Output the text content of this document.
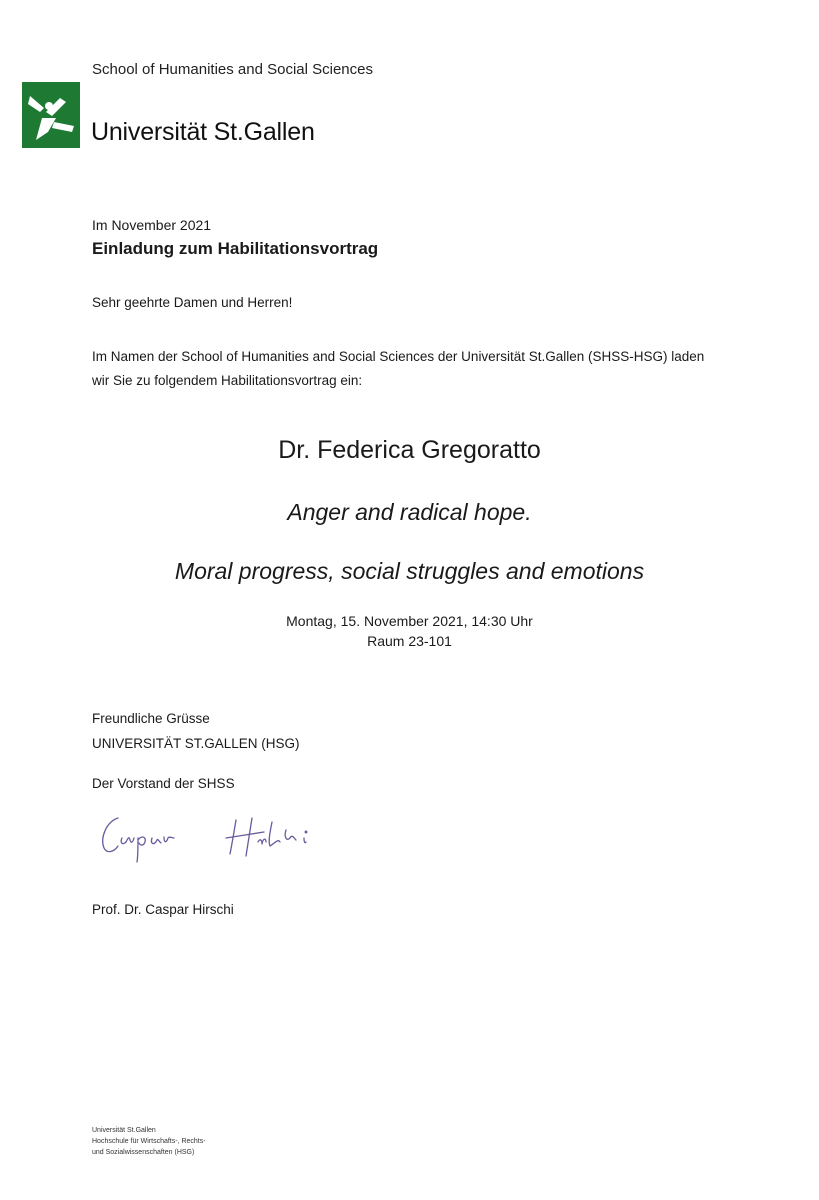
School of Humanities and Social Sciences
Universität St.Gallen
Im November 2021
Einladung zum Habilitationsvortrag
Sehr geehrte Damen und Herren!
Im Namen der School of Humanities and Social Sciences der Universität St.Gallen (SHSS-HSG) laden
wir Sie zu folgendem Habilitationsvortrag ein:
Dr. Federica Gregoratto
Anger and radical hope.
Moral progress, social struggles and emotions
Montag, 15. November 2021, 14:30 Uhr
Raum 23-101
Freundliche Grüsse
UNIVERSITÄT ST.GALLEN (HSG)
Der Vorstand der SHSS
Prof. Dr. Caspar Hirschi
Universität St.Gallen
Hochschule für Wirtschafts-, Rechts-
und Sozialwissenschaften (HSG)
